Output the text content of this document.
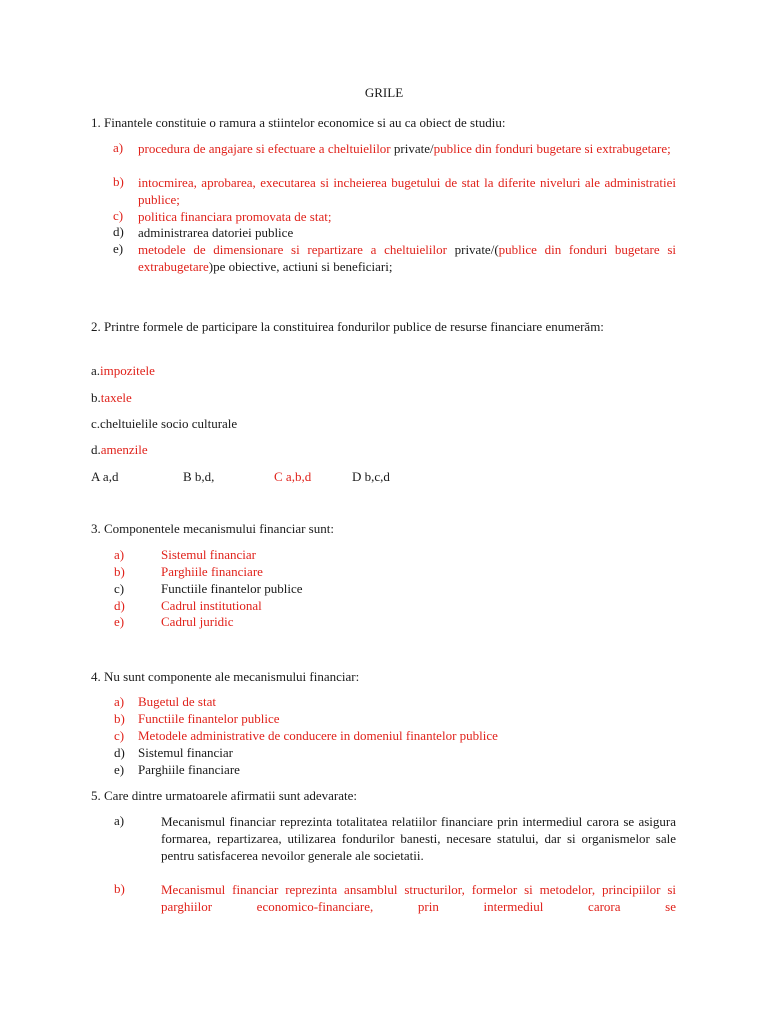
GRILE
1. Finantele constituie o ramura a stiintelor economice si au ca obiect de studiu:
a) procedura de angajare si efectuare a cheltuielilor private/publice din fonduri bugetare si extrabugetare;
b) intocmirea, aprobarea, executarea si incheierea bugetului de stat la diferite niveluri ale administratiei publice;
c) politica financiara promovata de stat;
d) administrarea datoriei publice
e) metodele de dimensionare si repartizare a cheltuielilor private/(publice din fonduri bugetare si extrabugetare)pe obiective, actiuni si beneficiari;
2. Printre formele de participare la constituirea fondurilor publice de resurse financiare enumerăm:
a.impozitele
b.taxele
c.cheltuielile socio culturale
d.amenzile
A a,d	B b,d,	C a,b,d	D b,c,d
3. Componentele mecanismului financiar sunt:
a)	Sistemul financiar
b)	Parghiile financiare
c)	Functiile finantelor publice
d)	Cadrul institutional
e)	Cadrul juridic
4. Nu sunt componente ale mecanismului financiar:
a) Bugetul de stat
b) Functiile finantelor publice
c) Metodele administrative de conducere in domeniul finantelor publice
d) Sistemul financiar
e) Parghiile financiare
5. Care dintre urmatoarele afirmatii sunt adevarate:
a)	Mecanismul financiar reprezinta totalitatea relatiilor financiare prin intermediul carora se asigura formarea, repartizarea, utilizarea fondurilor banesti, necesare statului, dar si organismelor sale pentru satisfacerea nevoilor generale ale societatii.
b)	Mecanismul financiar reprezinta ansamblul structurilor, formelor si metodelor, principiilor si parghiilor economico-financiare, prin intermediul carora se
